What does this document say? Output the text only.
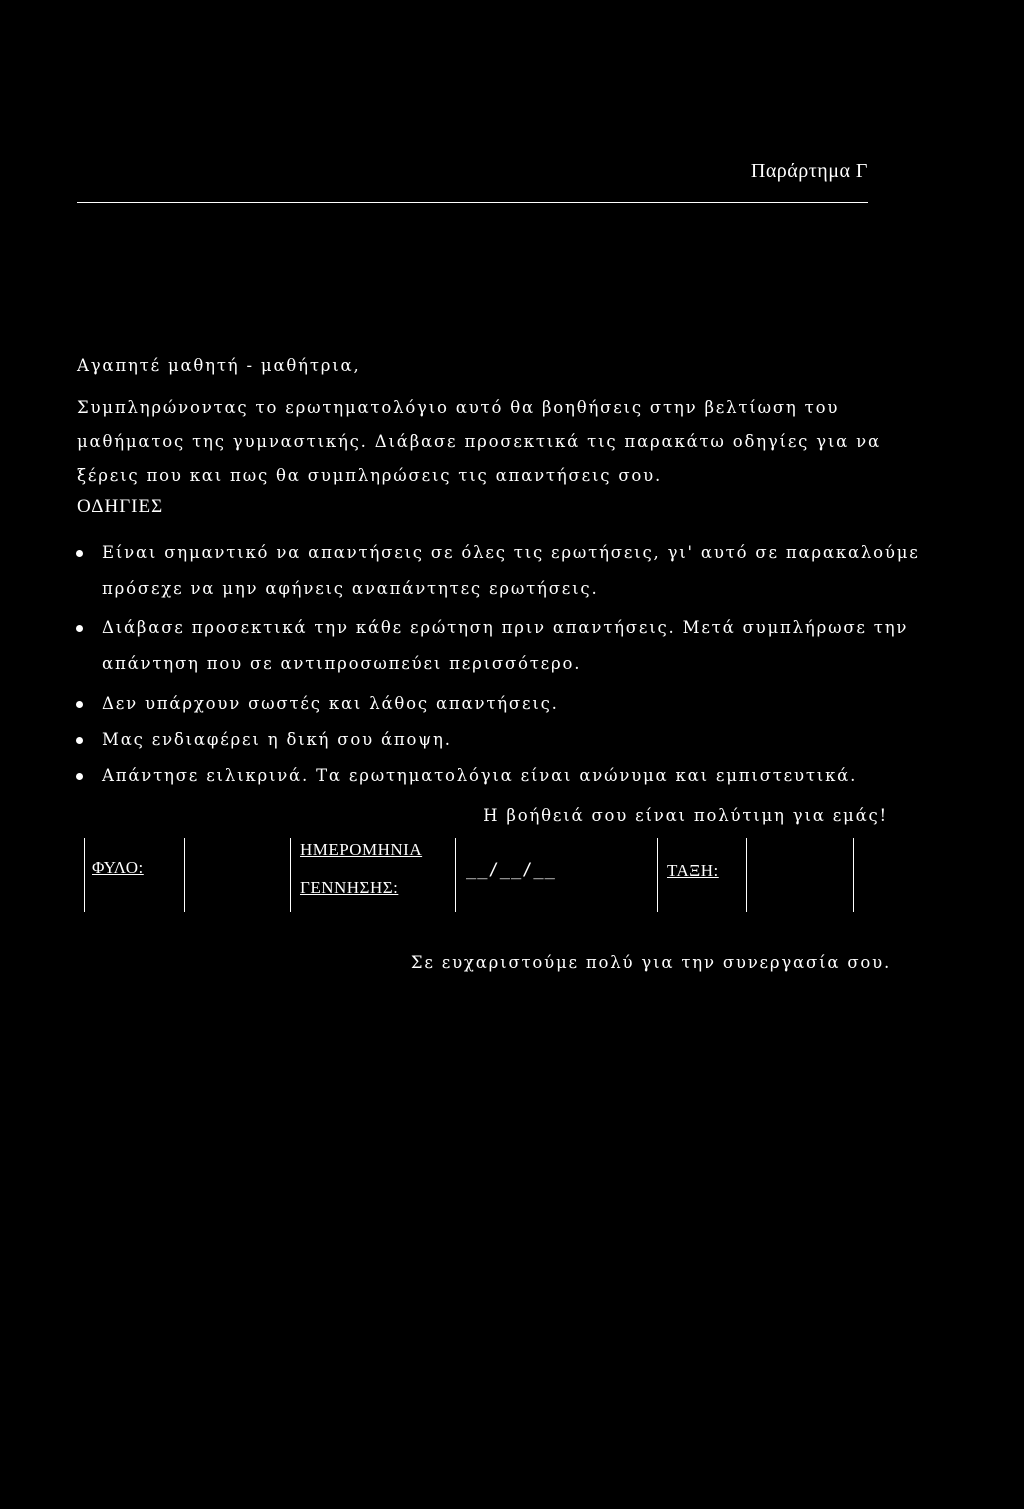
Παράρτημα Γ
Αγαπητέ μαθητή - μαθήτρια,
Συμπληρώνοντας το ερωτηματολόγιο αυτό θα βοηθήσεις στην βελτίωση του
μαθήματος της γυμναστικής. Διάβασε προσεκτικά τις παρακάτω οδηγίες για να
ξέρεις που και πως θα συμπληρώσεις τις απαντήσεις σου.
ΟΔΗΓΙΕΣ
Είναι σημαντικό να απαντήσεις σε όλες τις ερωτήσεις, γι' αυτό σε παρακαλούμε
πρόσεχε να μην αφήνεις αναπάντητες ερωτήσεις.
Διάβασε προσεκτικά την κάθε ερώτηση πριν απαντήσεις. Μετά συμπλήρωσε την
απάντηση που σε αντιπροσωπεύει περισσότερο.
Δεν υπάρχουν σωστές και λάθος απαντήσεις.
Μας ενδιαφέρει η δική σου άποψη.
Απάντησε ειλικρινά. Τα ερωτηματολόγια είναι ανώνυμα και εμπιστευτικά.
Η βοήθειά σου είναι πολύτιμη για εμάς!
ΦΥΛΟ:
ΗΜΕΡΟΜΗΝΙΑ
ΓΕΝΝΗΣΗΣ:
__/__/__	ΤΑΞΗ:
Σε ευχαριστούμε πολύ για την συνεργασία σου.
